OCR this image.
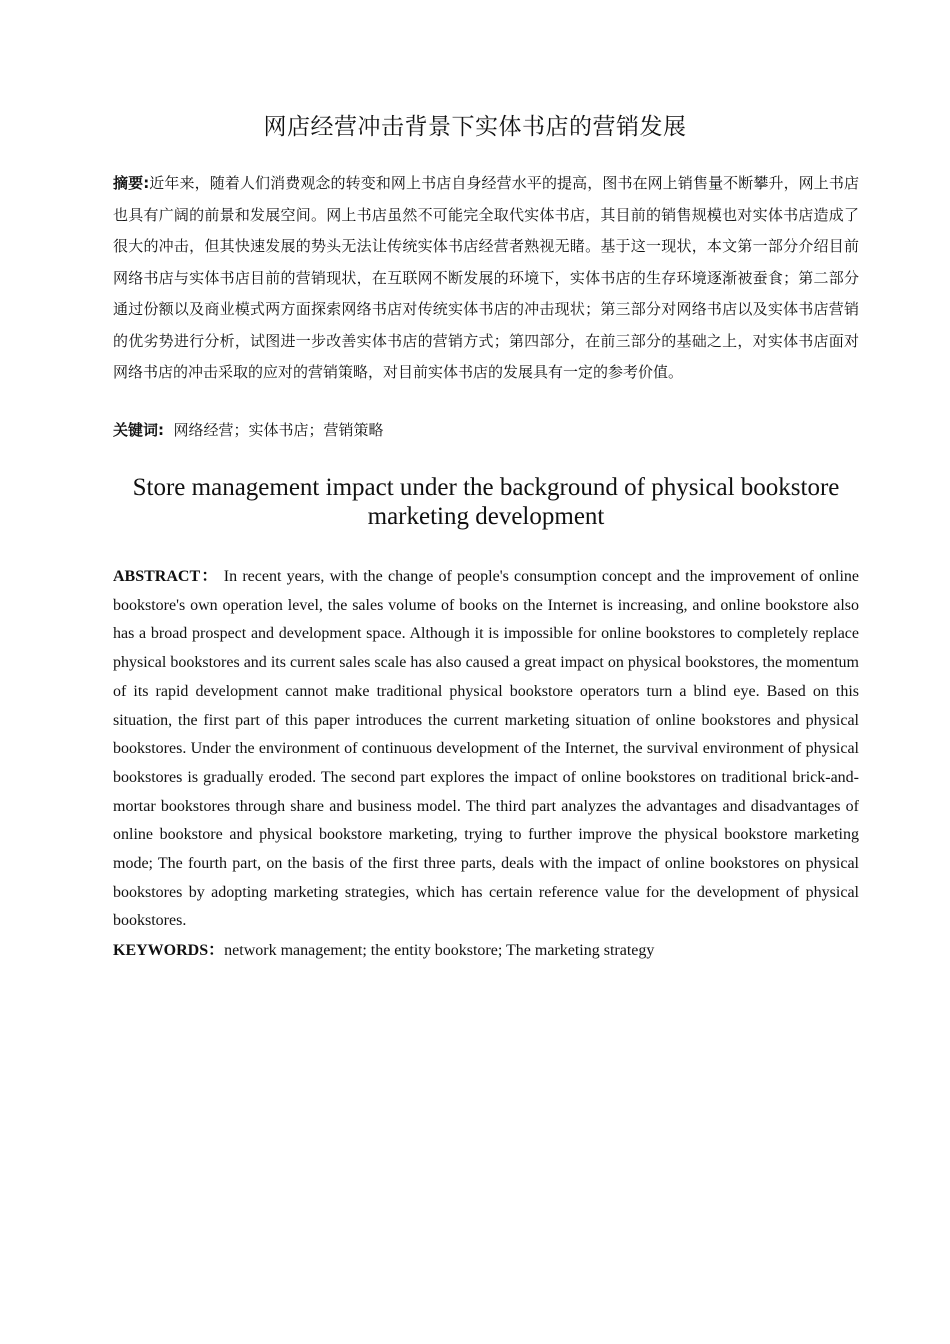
网店经营冲击背景下实体书店的营销发展

摘要:近年来，随着人们消费观念的转变和网上书店自身经营水平的提高，图书在网上销售量不断攀升，网上书店也具有广阔的前景和发展空间。网上书店虽然不可能完全取代实体书店，其目前的销售规模也对实体书店造成了很大的冲击，但其快速发展的势头无法让传统实体书店经营者熟视无睹。基于这一现状，本文第一部分介绍目前网络书店与实体书店目前的营销现状，在互联网不断发展的环境下，实体书店的生存环境逐渐被蚕食；第二部分通过份额以及商业模式两方面探索网络书店对传统实体书店的冲击现状；第三部分对网络书店以及实体书店营销的优劣势进行分析，试图进一步改善实体书店的营销方式；第四部分，在前三部分的基础之上，对实体书店面对网络书店的冲击采取的应对的营销策略，对目前实体书店的发展具有一定的参考价值。

关键词: 网络经营；实体书店；营销策略

Store management impact under the background of physical bookstore marketing development

ABSTRACT： In recent years, with the change of people's consumption concept and the improvement of online bookstore's own operation level, the sales volume of books on the Internet is increasing, and online bookstore also has a broad prospect and development space. Although it is impossible for online bookstores to completely replace physical bookstores and its current sales scale has also caused a great impact on physical bookstores, the momentum of its rapid development cannot make traditional physical bookstore operators turn a blind eye. Based on this situation, the first part of this paper introduces the current marketing situation of online bookstores and physical bookstores. Under the environment of continuous development of the Internet, the survival environment of physical bookstores is gradually eroded. The second part explores the impact of online bookstores on traditional brick-and-mortar bookstores through share and business model. The third part analyzes the advantages and disadvantages of online bookstore and physical bookstore marketing, trying to further improve the physical bookstore marketing mode; The fourth part, on the basis of the first three parts, deals with the impact of online bookstores on physical bookstores by adopting marketing strategies, which has certain reference value for the development of physical bookstores.

KEYWORDS：network management; the entity bookstore; The marketing strategy
